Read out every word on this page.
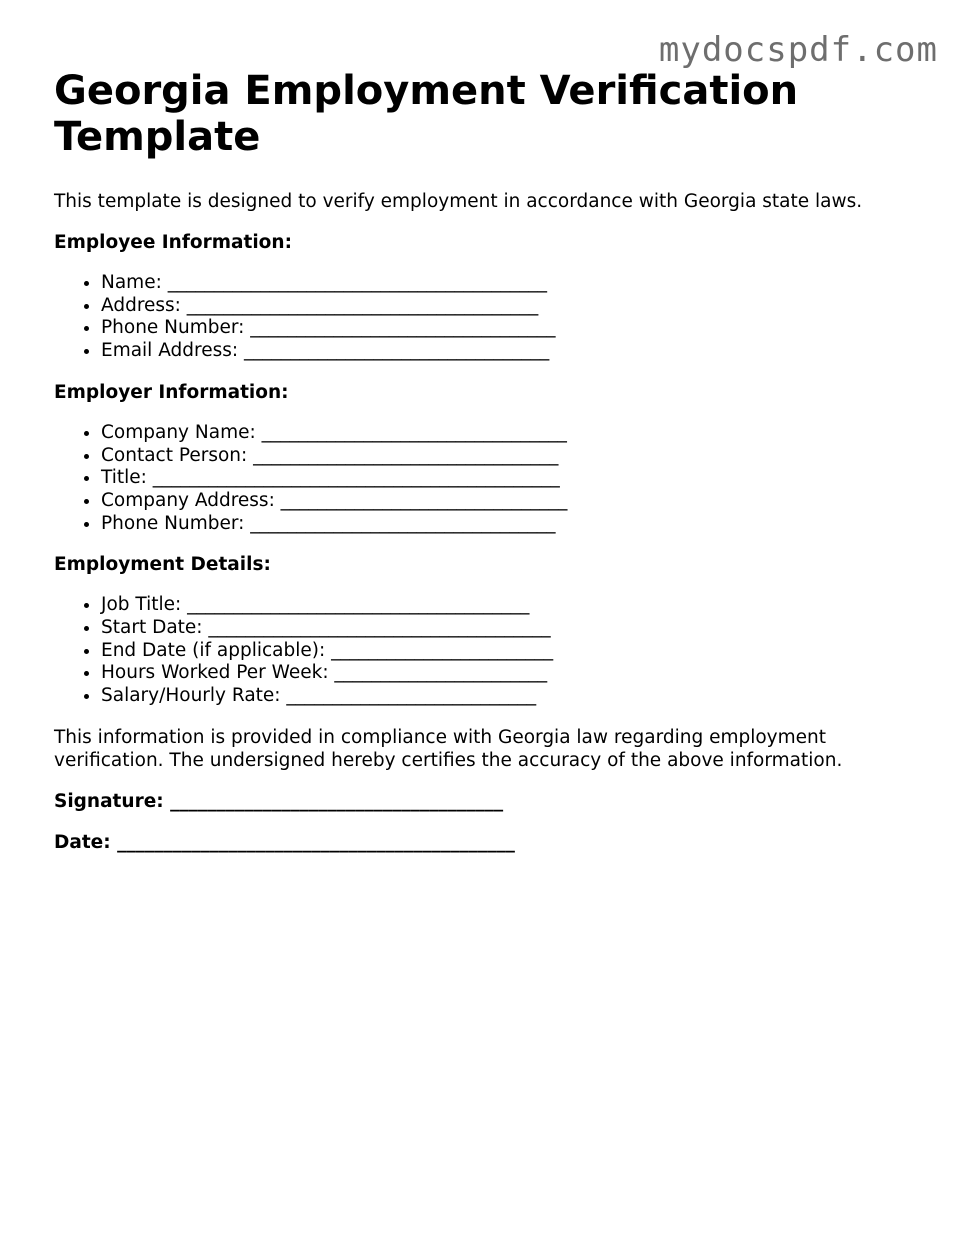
mydocspdf.com
Georgia Employment Verification Template

This template is designed to verify employment in accordance with Georgia state laws.

Employee Information:

• Name: _________________________________________
• Address: ______________________________________
• Phone Number: _________________________________
• Email Address: _________________________________

Employer Information:

• Company Name: _________________________________
• Contact Person: _________________________________
• Title: ____________________________________________
• Company Address: _______________________________
• Phone Number: _________________________________

Employment Details:

• Job Title: _____________________________________
• Start Date: _____________________________________
• End Date (if applicable): ________________________
• Hours Worked Per Week: _______________________
• Salary/Hourly Rate: ___________________________

This information is provided in compliance with Georgia law regarding employment verification. The undersigned hereby certifies the accuracy of the above information.

Signature: ____________________________________

Date: ___________________________________________
